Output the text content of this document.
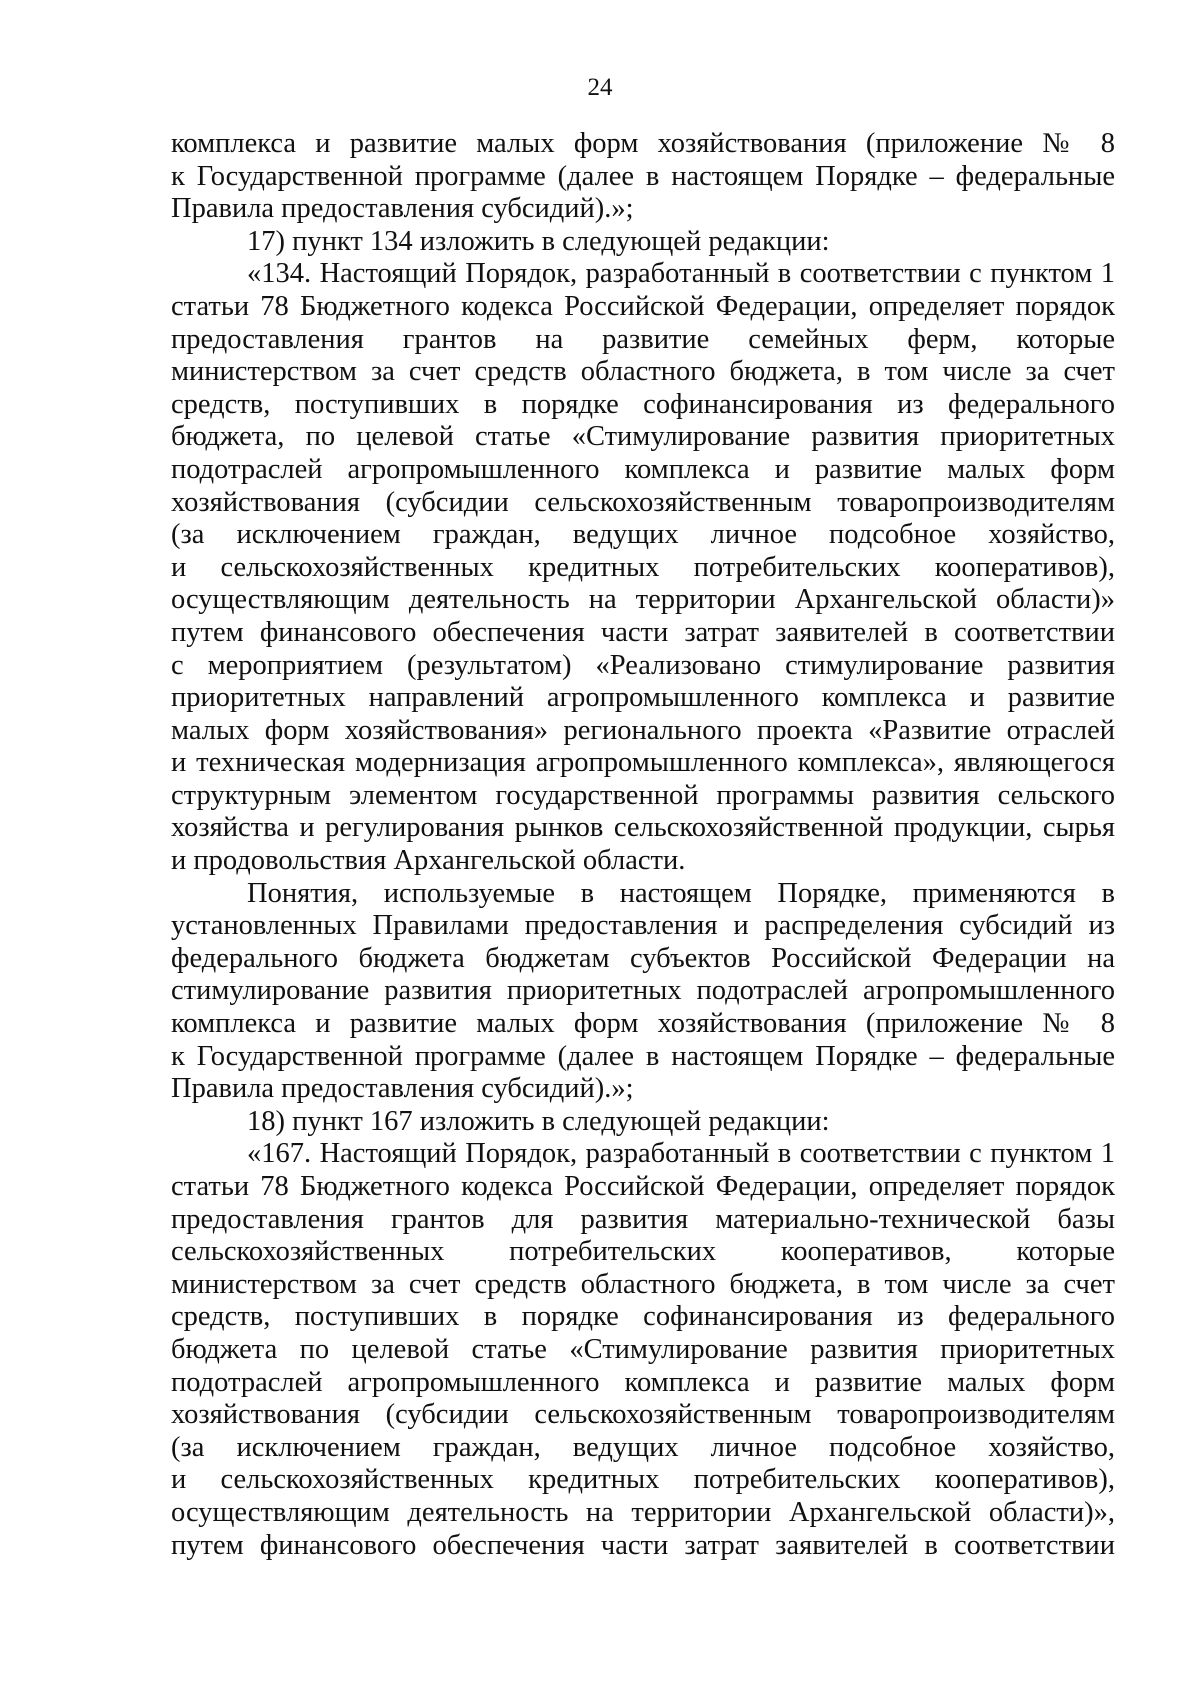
24
комплекса и развитие малых форм хозяйствования (приложение № 8
к Государственной программе (далее в настоящем Порядке – федеральные
Правила предоставления субсидий).»;
17) пункт 134 изложить в следующей редакции:
«134. Настоящий Порядок, разработанный в соответствии с пунктом 1
статьи 78 Бюджетного кодекса Российской Федерации, определяет порядок
предоставления грантов на развитие семейных ферм, которые
министерством за счет средств областного бюджета, в том числе за счет
средств, поступивших в порядке софинансирования из федерального
бюджета, по целевой статье «Стимулирование развития приоритетных
подотраслей агропромышленного комплекса и развитие малых форм
хозяйствования (субсидии сельскохозяйственным товаропроизводителям
(за исключением граждан, ведущих личное подсобное хозяйство,
и сельскохозяйственных кредитных потребительских кооперативов),
осуществляющим деятельность на территории Архангельской области)»
путем финансового обеспечения части затрат заявителей в соответствии
с мероприятием (результатом) «Реализовано стимулирование развития
приоритетных направлений агропромышленного комплекса и развитие
малых форм хозяйствования» регионального проекта «Развитие отраслей
и техническая модернизация агропромышленного комплекса», являющегося
структурным элементом государственной программы развития сельского
хозяйства и регулирования рынков сельскохозяйственной продукции, сырья
и продовольствия Архангельской области.
Понятия, используемые в настоящем Порядке, применяются в
установленных Правилами предоставления и распределения субсидий из
федерального бюджета бюджетам субъектов Российской Федерации на
стимулирование развития приоритетных подотраслей агропромышленного
комплекса и развитие малых форм хозяйствования (приложение № 8
к Государственной программе (далее в настоящем Порядке – федеральные
Правила предоставления субсидий).»;
18) пункт 167 изложить в следующей редакции:
«167. Настоящий Порядок, разработанный в соответствии с пунктом 1
статьи 78 Бюджетного кодекса Российской Федерации, определяет порядок
предоставления грантов для развития материально-технической базы
сельскохозяйственных потребительских кооперативов, которые
министерством за счет средств областного бюджета, в том числе за счет
средств, поступивших в порядке софинансирования из федерального
бюджета по целевой статье «Стимулирование развития приоритетных
подотраслей агропромышленного комплекса и развитие малых форм
хозяйствования (субсидии сельскохозяйственным товаропроизводителям
(за исключением граждан, ведущих личное подсобное хозяйство,
и сельскохозяйственных кредитных потребительских кооперативов),
осуществляющим деятельность на территории Архангельской области)»,
путем финансового обеспечения части затрат заявителей в соответствии
